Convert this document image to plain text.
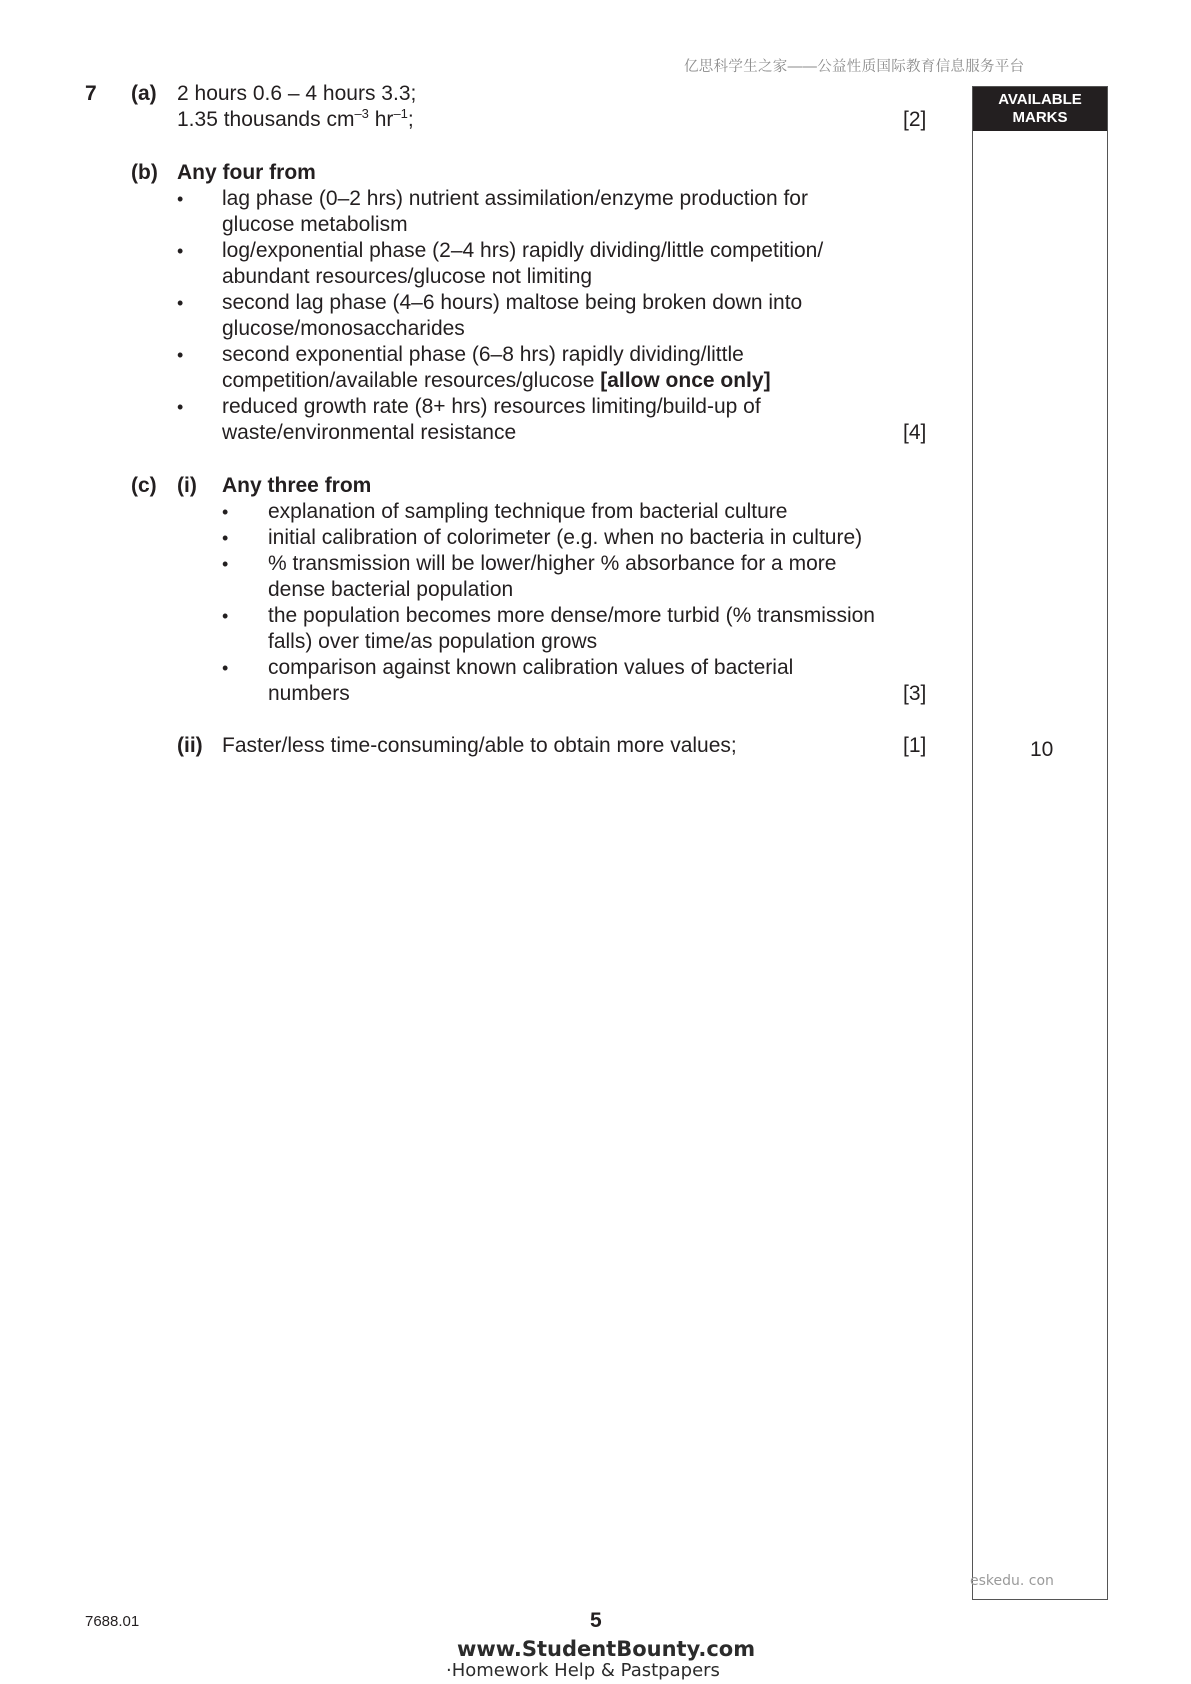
亿思科学生之家——公益性质国际教育信息服务平台
AVAILABLE
MARKS
10
7 (a) 2 hours 0.6 – 4 hours 3.3;
1.35 thousands $cm^{-3}$ $hr^{-1}$;	[2]
(b) Any four from
• lag phase (0–2 hrs) nutrient assimilation/enzyme production for
glucose metabolism
• log/exponential phase (2–4 hrs) rapidly dividing/little competition/
abundant resources/glucose not limiting
• second lag phase (4–6 hours) maltose being broken down into
glucose/monosaccharides
• second exponential phase (6–8 hrs) rapidly dividing/little
competition/available resources/glucose [allow once only]
• reduced growth rate (8+ hrs) resources limiting/build-up of
waste/environmental resistance	[4]
(c) (i) Any three from
• explanation of sampling technique from bacterial culture
• initial calibration of colorimeter (e.g. when no bacteria in culture)
• % transmission will be lower/higher % absorbance for a more
dense bacterial population
• the population becomes more dense/more turbid (% transmission
falls) over time/as population grows
• comparison against known calibration values of bacterial
numbers	[3]
(ii) Faster/less time-consuming/able to obtain more values;	[1]
eskedu. con
7688.01	5
www.StudentBounty.com
·Homework Help & Pastpapers
